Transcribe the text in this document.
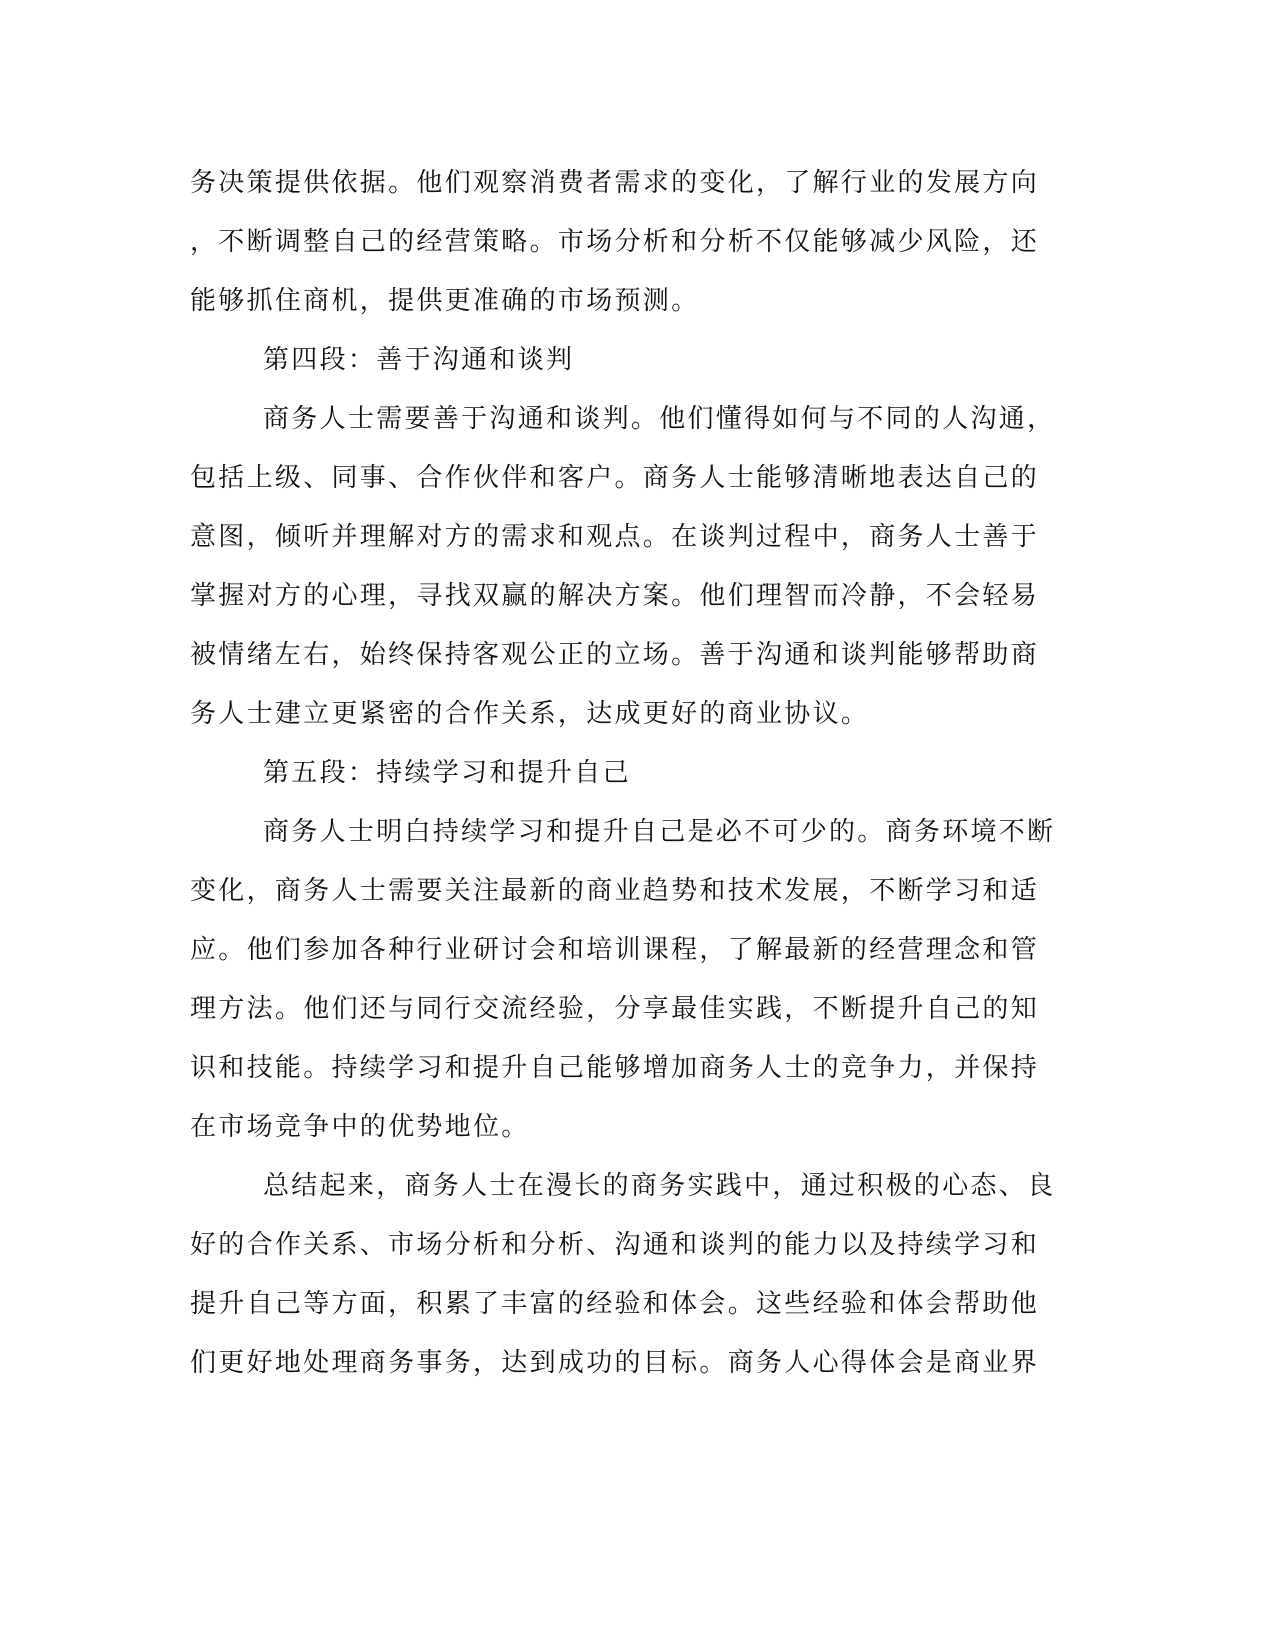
务决策提供依据。他们观察消费者需求的变化，了解行业的发展方向

，不断调整自己的经营策略。市场分析和分析不仅能够减少风险，还

能够抓住商机，提供更准确的市场预测。

第四段：善于沟通和谈判

商务人士需要善于沟通和谈判。他们懂得如何与不同的人沟通，

包括上级、同事、合作伙伴和客户。商务人士能够清晰地表达自己的

意图，倾听并理解对方的需求和观点。在谈判过程中，商务人士善于

掌握对方的心理，寻找双赢的解决方案。他们理智而冷静，不会轻易

被情绪左右，始终保持客观公正的立场。善于沟通和谈判能够帮助商

务人士建立更紧密的合作关系，达成更好的商业协议。

第五段：持续学习和提升自己

商务人士明白持续学习和提升自己是必不可少的。商务环境不断

变化，商务人士需要关注最新的商业趋势和技术发展，不断学习和适

应。他们参加各种行业研讨会和培训课程，了解最新的经营理念和管

理方法。他们还与同行交流经验，分享最佳实践，不断提升自己的知

识和技能。持续学习和提升自己能够增加商务人士的竞争力，并保持

在市场竞争中的优势地位。

总结起来，商务人士在漫长的商务实践中，通过积极的心态、良

好的合作关系、市场分析和分析、沟通和谈判的能力以及持续学习和

提升自己等方面，积累了丰富的经验和体会。这些经验和体会帮助他

们更好地处理商务事务，达到成功的目标。商务人心得体会是商业界
